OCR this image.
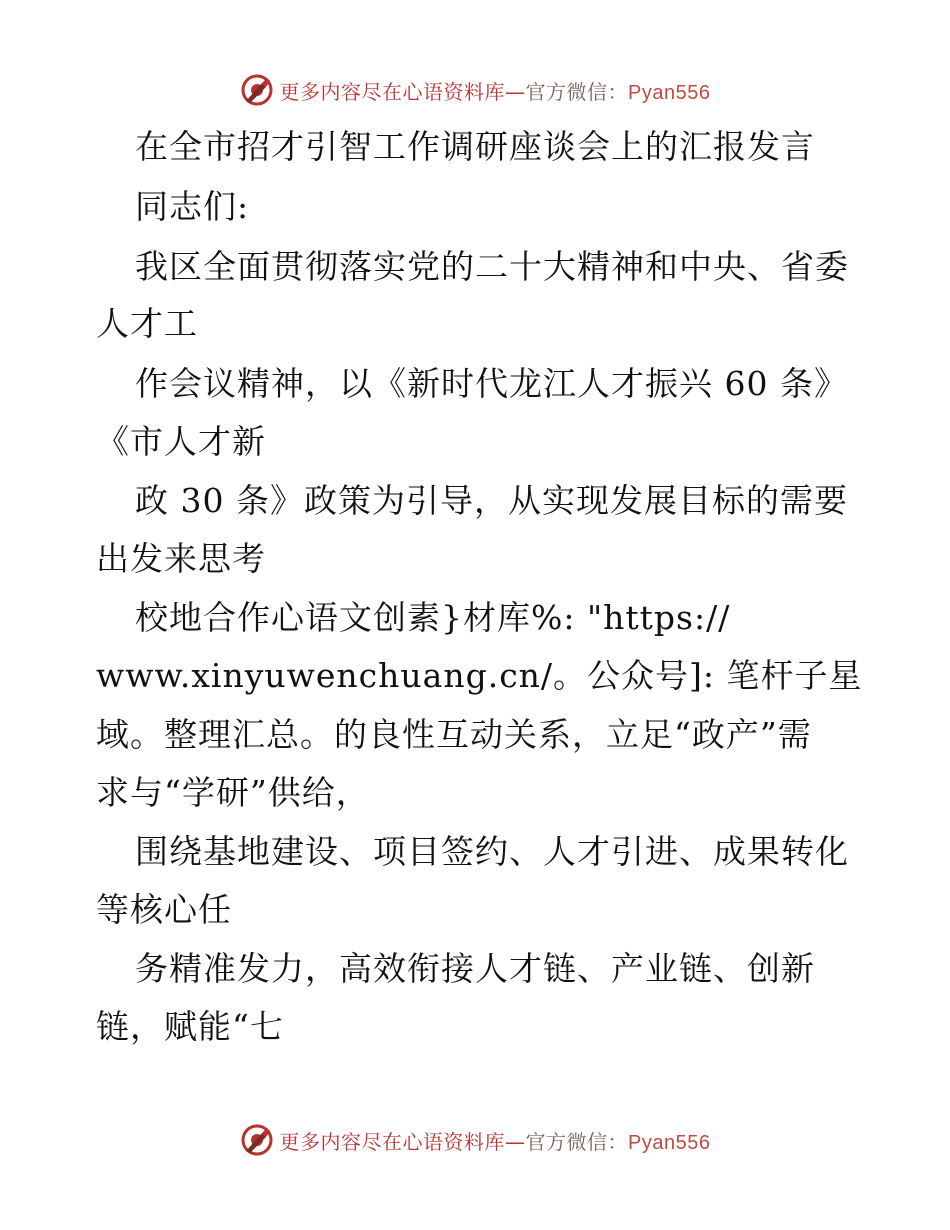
更多内容尽在心语资料库—官方微信：Pyan556
在全市招才引智工作调研座谈会上的汇报发言
同志们:
我区全面贯彻落实党的二十大精神和中央、省委
人才工
作会议精神，以《新时代龙江人才振兴 60 条》
《市人才新
政 30 条》政策为引导，从实现发展目标的需要
出发来思考
校地合作心语文创素}材库%: "https://
www.xinyuwenchuang.cn/。公众号]: 笔杆子星
域。整理汇总。的良性互动关系，立足“政产”需
求与“学研”供给，
围绕基地建设、项目签约、人才引进、成果转化
等核心任
务精准发力，高效衔接人才链、产业链、创新
链，赋能“七
更多内容尽在心语资料库—官方微信：Pyan556
